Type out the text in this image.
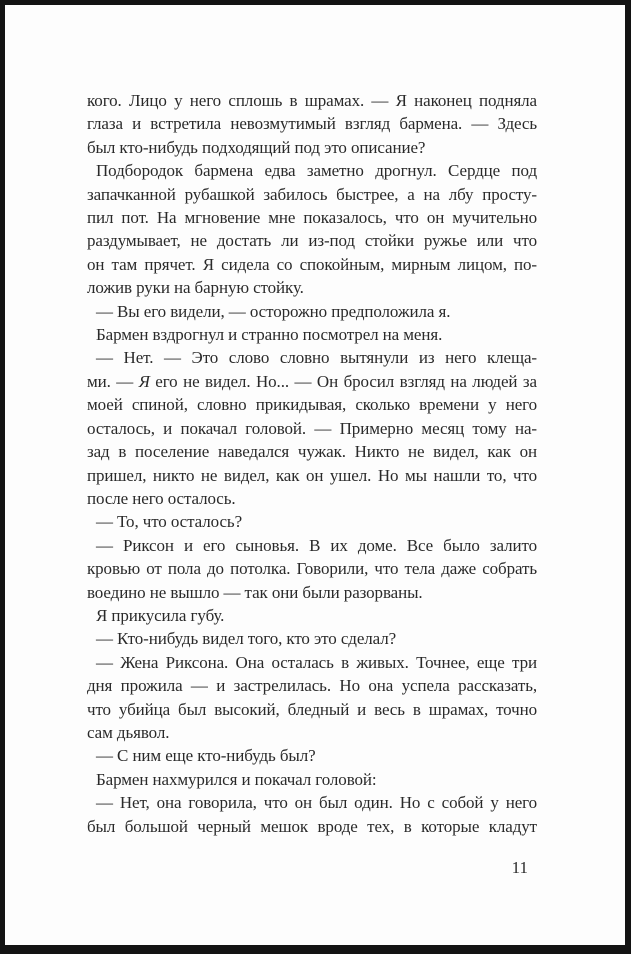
кого. Лицо у него сплошь в шрамах. — Я наконец подняла
глаза и встретила невозмутимый взгляд бармена. — Здесь
был кто-нибудь подходящий под это описание?
Подбородок бармена едва заметно дрогнул. Сердце под
запачканной рубашкой забилось быстрее, а на лбу просту-
пил пот. На мгновение мне показалось, что он мучительно
раздумывает, не достать ли из-под стойки ружье или что
он там прячет. Я сидела со спокойным, мирным лицом, по-
ложив руки на барную стойку.
— Вы его видели, — осторожно предположила я.
Бармен вздрогнул и странно посмотрел на меня.
— Нет. — Это слово словно вытянули из него клеща-
ми. — Я его не видел. Но... — Он бросил взгляд на людей за
моей спиной, словно прикидывая, сколько времени у него
осталось, и покачал головой. — Примерно месяц тому на-
зад в поселение наведался чужак. Никто не видел, как он
пришел, никто не видел, как он ушел. Но мы нашли то, что
после него осталось.
— То, что осталось?
— Риксон и его сыновья. В их доме. Все было залито
кровью от пола до потолка. Говорили, что тела даже собрать
воедино не вышло — так они были разорваны.
Я прикусила губу.
— Кто-нибудь видел того, кто это сделал?
— Жена Риксона. Она осталась в живых. Точнее, еще три
дня прожила — и застрелилась. Но она успела рассказать,
что убийца был высокий, бледный и весь в шрамах, точно
сам дьявол.
— С ним еще кто-нибудь был?
Бармен нахмурился и покачал головой:
— Нет, она говорила, что он был один. Но с собой у него
был большой черный мешок вроде тех, в которые кладут
11
